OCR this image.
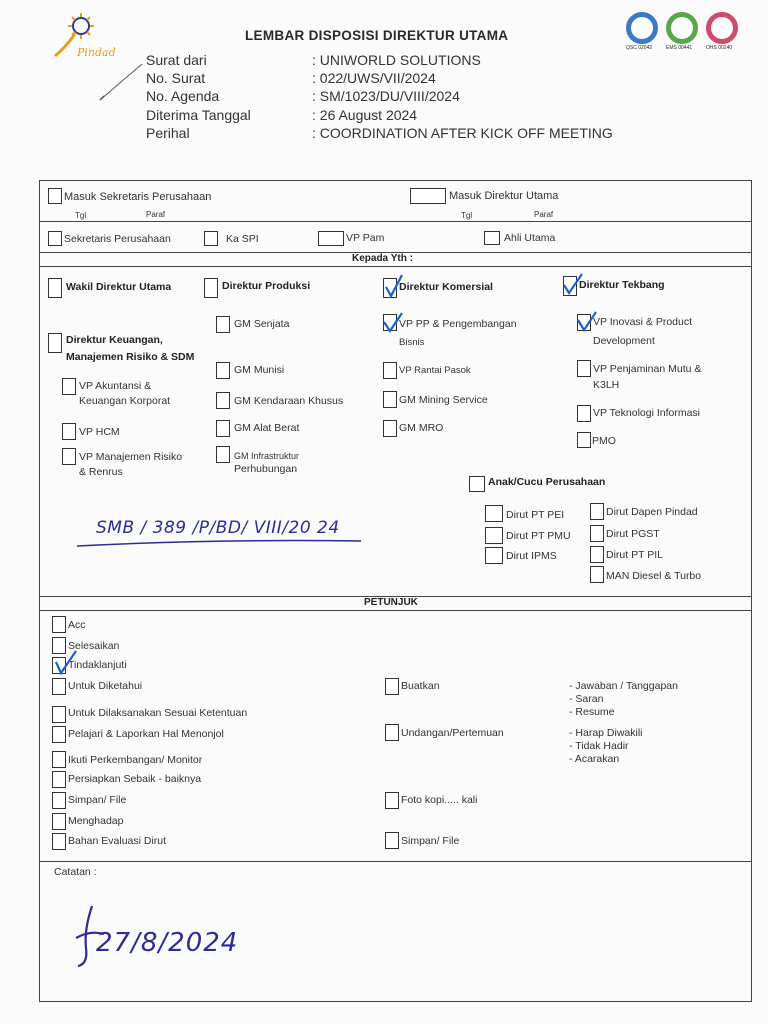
Pindad	QSC 02042	EMS 00441	OHS 00240
LEMBAR DISPOSISI DIREKTUR UTAMA
Surat dari	: UNIWORLD SOLUTIONS
No. Surat	: 022/UWS/VII/2024
No. Agenda	: SM/1023/DU/VIII/2024
Diterima Tanggal	: 26 August 2024
Perihal	: COORDINATION AFTER KICK OFF MEETING
Masuk Sekretaris Perusahaan	Masuk Direktur Utama
Tgl	Paraf	Tgl	Paraf
Sekretaris Perusahaan	Ka SPI	VP Pam	Ahli Utama
Kepada Yth :
Wakil Direktur Utama
Direktur Keuangan,
Manajemen Risiko & SDM
VP Akuntansi &
Keuangan Korporat
VP HCM
VP Manajemen Risiko
& Renrus
Direktur Produksi
GM Senjata
GM Munisi
GM Kendaraan Khusus
GM Alat Berat
GM Infrastruktur
Perhubungan
Direktur Komersial
VP PP & Pengembangan
Bisnis
VP Rantai Pasok
GM Mining Service
GM MRO
Direktur Tekbang
VP Inovasi & Product
Development
VP Penjaminan Mutu &
K3LH
VP Teknologi Informasi
PMO
Anak/Cucu Perusahaan
Dirut PT PEI
Dirut PT PMU
Dirut IPMS
Dirut Dapen Pindad
Dirut PGST
Dirut PT PIL
MAN Diesel & Turbo
SMB / 389 /P/BD/ VIII/20 24
PETUNJUK
Acc
Selesaikan
Tindaklanjuti
Untuk Diketahui
Untuk Dilaksanakan Sesuai Ketentuan
Pelajari & Laporkan Hal Menonjol
Ikuti Perkembangan/ Monitor
Persiapkan Sebaik - baiknya
Simpan/ File
Menghadap
Bahan Evaluasi Dirut
Buatkan
Undangan/Pertemuan
Foto kopi..... kali
Simpan/ File
- Jawaban / Tanggapan
- Saran
- Resume
- Harap Diwakili
- Tidak Hadir
- Acarakan
Catatan :
27/8/2024
